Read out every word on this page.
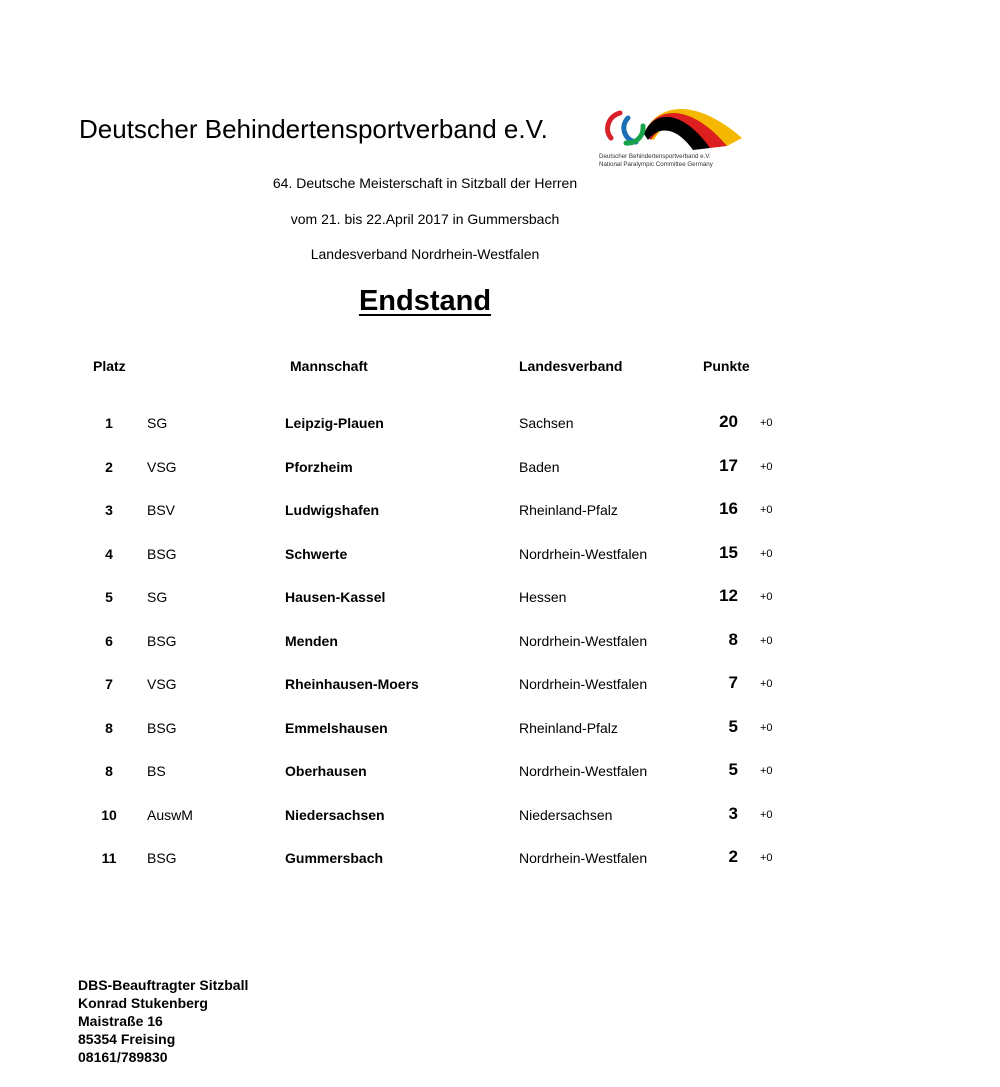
Deutscher Behindertensportverband e.V.
Deutscher Behindertensportverband e.V.
National Paralympic Committee Germany
64. Deutsche Meisterschaft in Sitzball der Herren
vom 21. bis 22.April 2017 in Gummersbach
Landesverband Nordrhein-Westfalen
Endstand
Platz	Mannschaft	Landesverband	Punkte
1	SG	Leipzig-Plauen	Sachsen	20 +0
2	VSG	Pforzheim	Baden	17 +0
3	BSV	Ludwigshafen	Rheinland-Pfalz	16 +0
4	BSG	Schwerte	Nordrhein-Westfalen	15 +0
5	SG	Hausen-Kassel	Hessen	12 +0
6	BSG	Menden	Nordrhein-Westfalen	8 +0
7	VSG	Rheinhausen-Moers	Nordrhein-Westfalen	7 +0
8	BSG	Emmelshausen	Rheinland-Pfalz	5 +0
8	BS	Oberhausen	Nordrhein-Westfalen	5 +0
10	AuswM	Niedersachsen	Niedersachsen	3 +0
11	BSG	Gummersbach	Nordrhein-Westfalen	2 +0
DBS-Beauftragter Sitzball
Konrad Stukenberg
Maistraße 16
85354 Freising
08161/789830
